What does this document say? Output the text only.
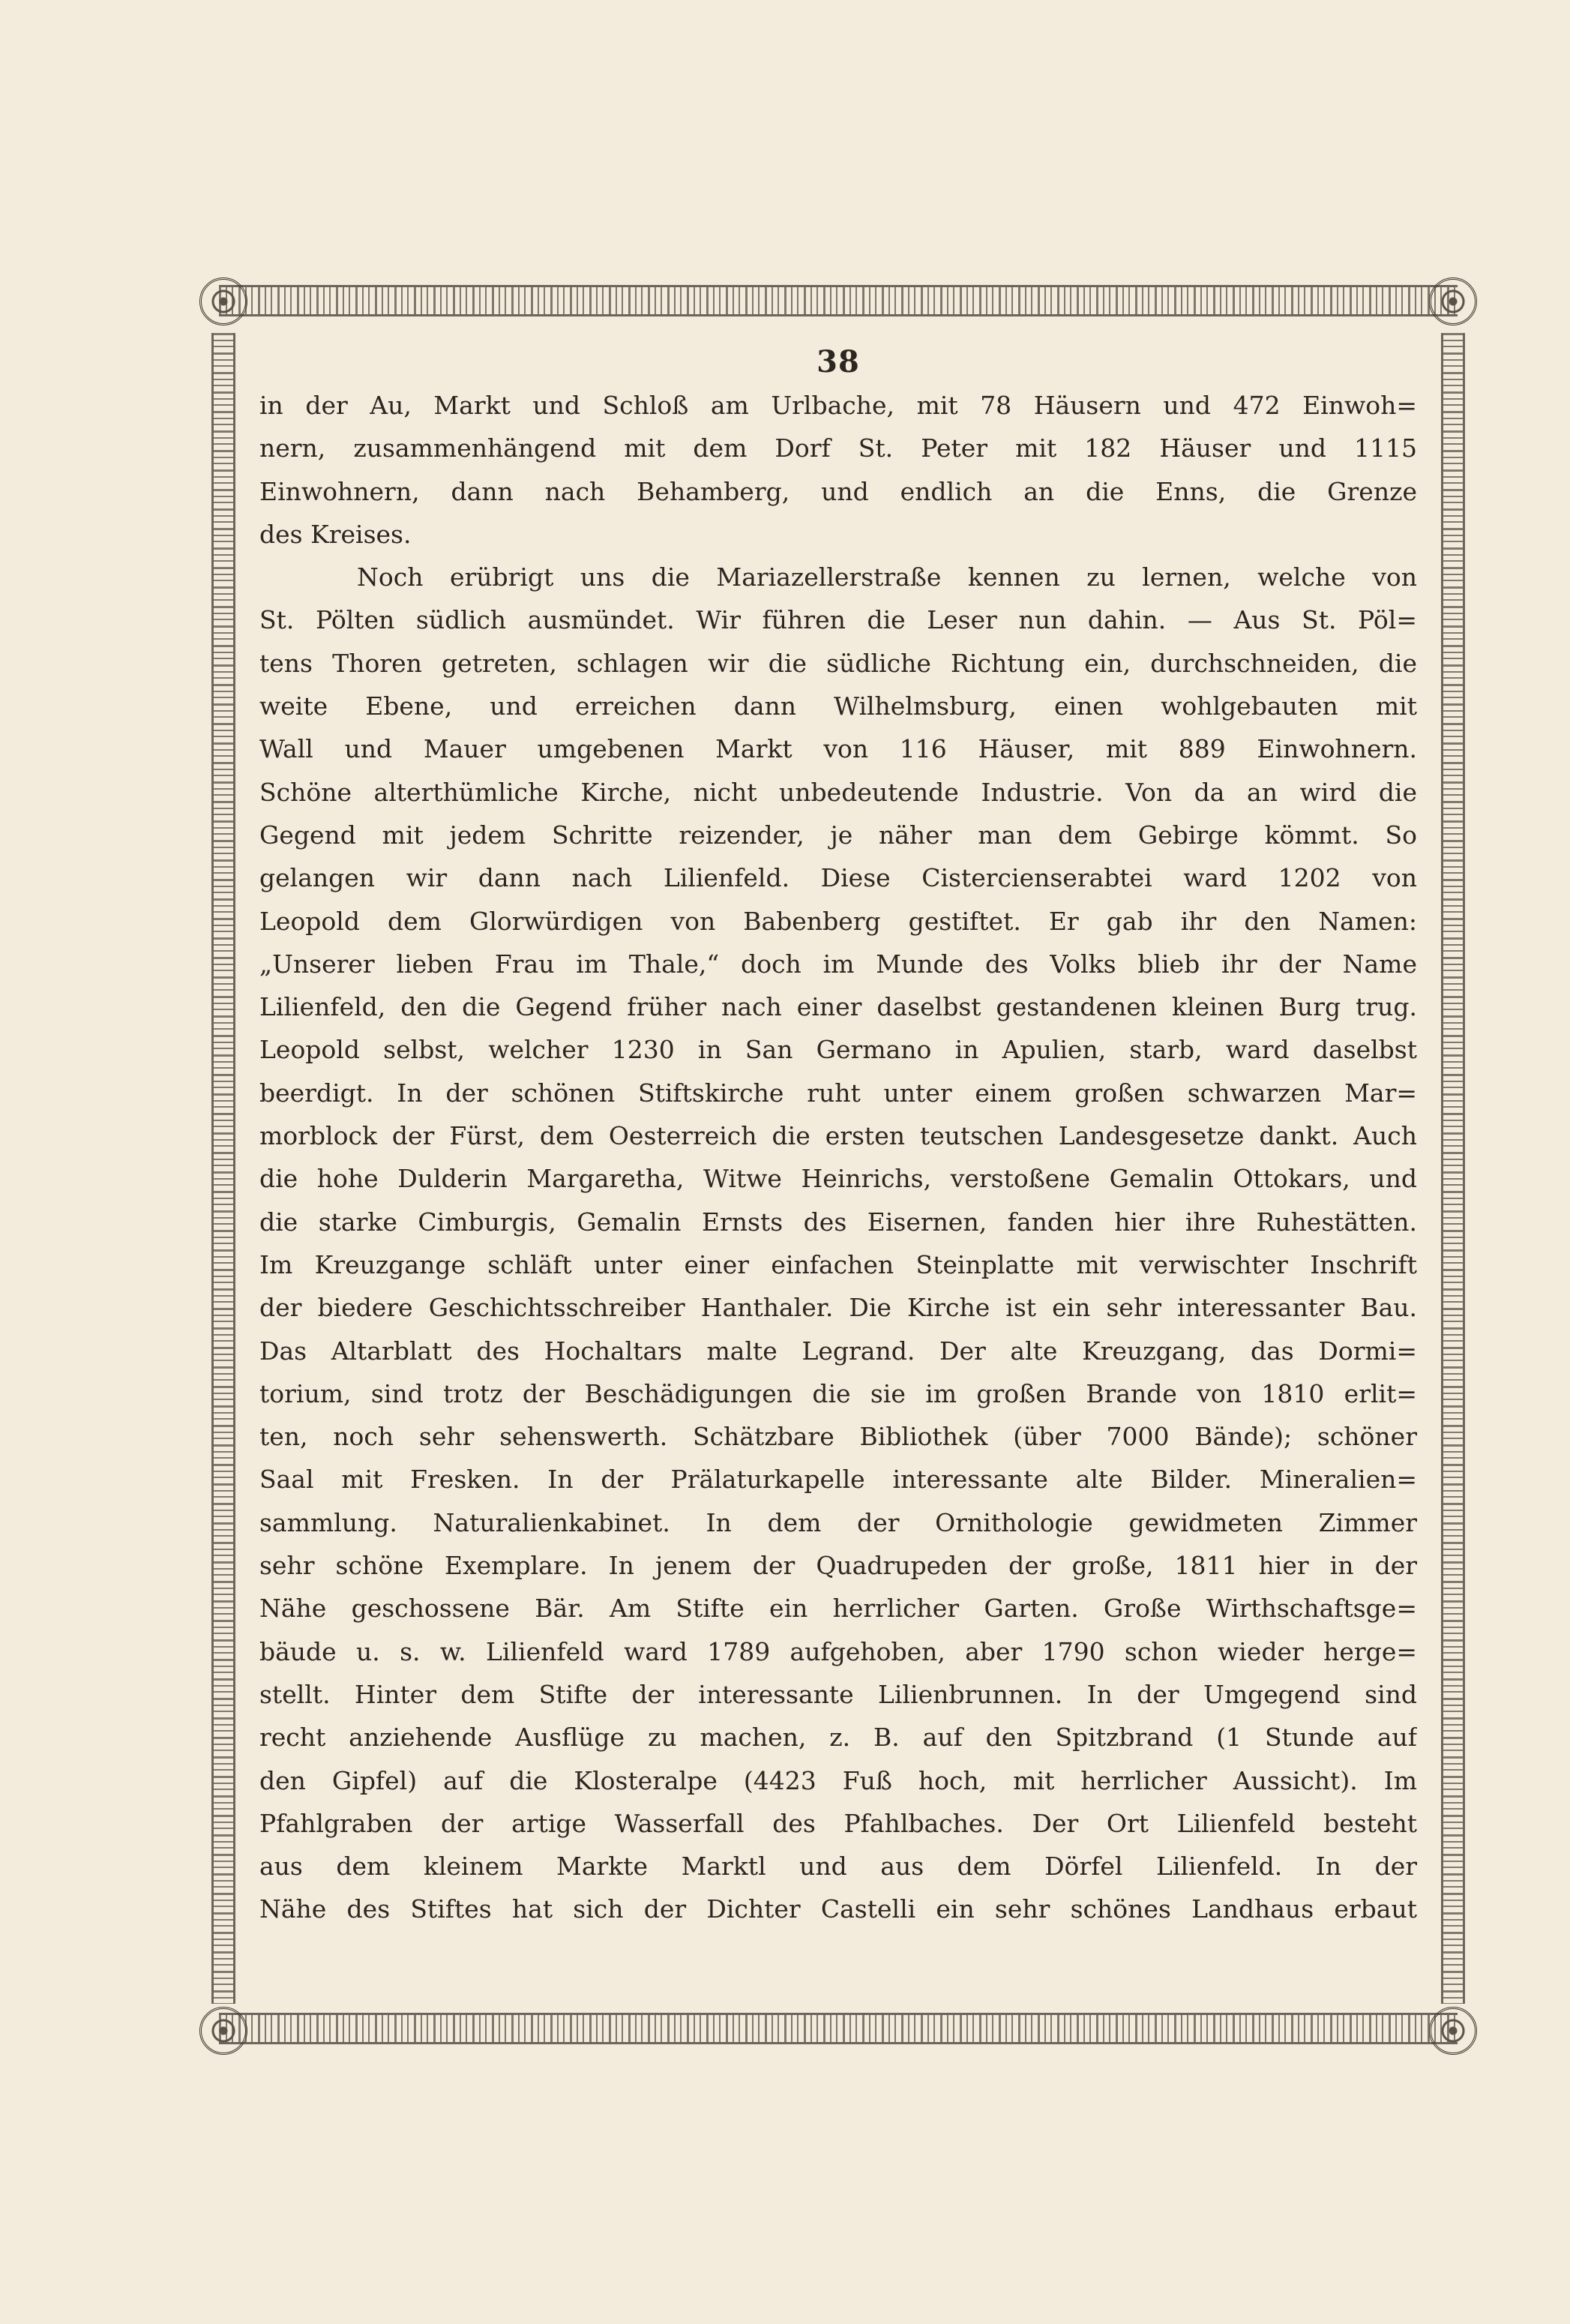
38
in der Au, Markt und Schloß am Urlbache, mit 78 Häusern und 472 Einwoh=
nern, zusammenhängend mit dem Dorf St. Peter mit 182 Häuser und 1115
Einwohnern, dann nach Behamberg, und endlich an die Enns, die Grenze
des Kreises.
Noch erübrigt uns die Mariazellerstraße kennen zu lernen, welche von
St. Pölten südlich ausmündet. Wir führen die Leser nun dahin. — Aus St. Pöl=
tens Thoren getreten, schlagen wir die südliche Richtung ein, durchschneiden, die
weite Ebene, und erreichen dann Wilhelmsburg, einen wohlgebauten mit
Wall und Mauer umgebenen Markt von 116 Häuser, mit 889 Einwohnern.
Schöne alterthümliche Kirche, nicht unbedeutende Industrie. Von da an wird die
Gegend mit jedem Schritte reizender, je näher man dem Gebirge kömmt. So
gelangen wir dann nach Lilienfeld. Diese Cistercienserabtei ward 1202 von
Leopold dem Glorwürdigen von Babenberg gestiftet. Er gab ihr den Namen:
„Unserer lieben Frau im Thale,“ doch im Munde des Volks blieb ihr der Name
Lilienfeld, den die Gegend früher nach einer daselbst gestandenen kleinen Burg trug.
Leopold selbst, welcher 1230 in San Germano in Apulien, starb, ward daselbst
beerdigt. In der schönen Stiftskirche ruht unter einem großen schwarzen Mar=
morblock der Fürst, dem Oesterreich die ersten teutschen Landesgesetze dankt. Auch
die hohe Dulderin Margaretha, Witwe Heinrichs, verstoßene Gemalin Ottokars, und
die starke Cimburgis, Gemalin Ernsts des Eisernen, fanden hier ihre Ruhestätten.
Im Kreuzgange schläft unter einer einfachen Steinplatte mit verwischter Inschrift
der biedere Geschichtsschreiber Hanthaler. Die Kirche ist ein sehr interessanter Bau.
Das Altarblatt des Hochaltars malte Legrand. Der alte Kreuzgang, das Dormi=
torium, sind trotz der Beschädigungen die sie im großen Brande von 1810 erlit=
ten, noch sehr sehenswerth. Schätzbare Bibliothek (über 7000 Bände); schöner
Saal mit Fresken. In der Prälaturkapelle interessante alte Bilder. Mineralien=
sammlung. Naturalienkabinet. In dem der Ornithologie gewidmeten Zimmer
sehr schöne Exemplare. In jenem der Quadrupeden der große, 1811 hier in der
Nähe geschossene Bär. Am Stifte ein herrlicher Garten. Große Wirthschaftsge=
bäude u. s. w. Lilienfeld ward 1789 aufgehoben, aber 1790 schon wieder herge=
stellt. Hinter dem Stifte der interessante Lilienbrunnen. In der Umgegend sind
recht anziehende Ausflüge zu machen, z. B. auf den Spitzbrand (1 Stunde auf
den Gipfel) auf die Klosteralpe (4423 Fuß hoch, mit herrlicher Aussicht). Im
Pfahlgraben der artige Wasserfall des Pfahlbaches. Der Ort Lilienfeld besteht
aus dem kleinem Markte Marktl und aus dem Dörfel Lilienfeld. In der
Nähe des Stiftes hat sich der Dichter Castelli ein sehr schönes Landhaus erbaut
